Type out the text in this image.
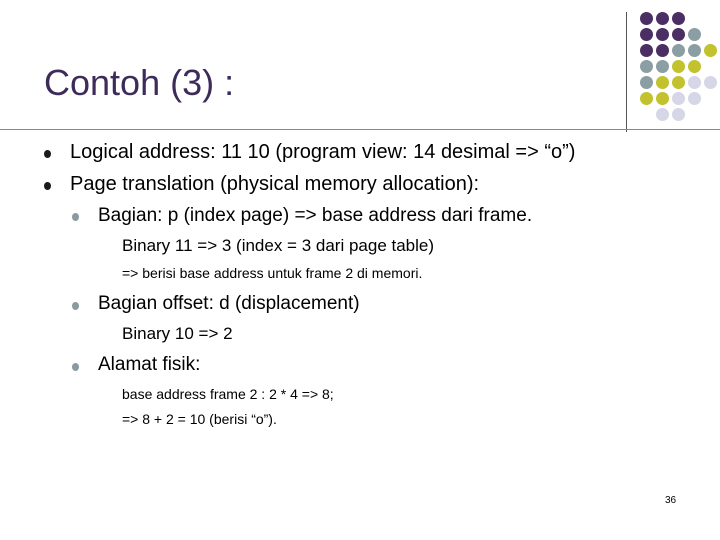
Contoh (3) :
Logical address: 11 10 (program view: 14 desimal => “o”)
Page translation (physical memory allocation):
Bagian: p (index page) => base address dari frame.
Binary 11 => 3 (index = 3 dari page table)
=> berisi base address untuk frame 2 di memori.
Bagian offset: d (displacement)
Binary 10 => 2
Alamat fisik:
base address frame 2 : 2 * 4 => 8;
=> 8 + 2 = 10 (berisi “o”).
36
